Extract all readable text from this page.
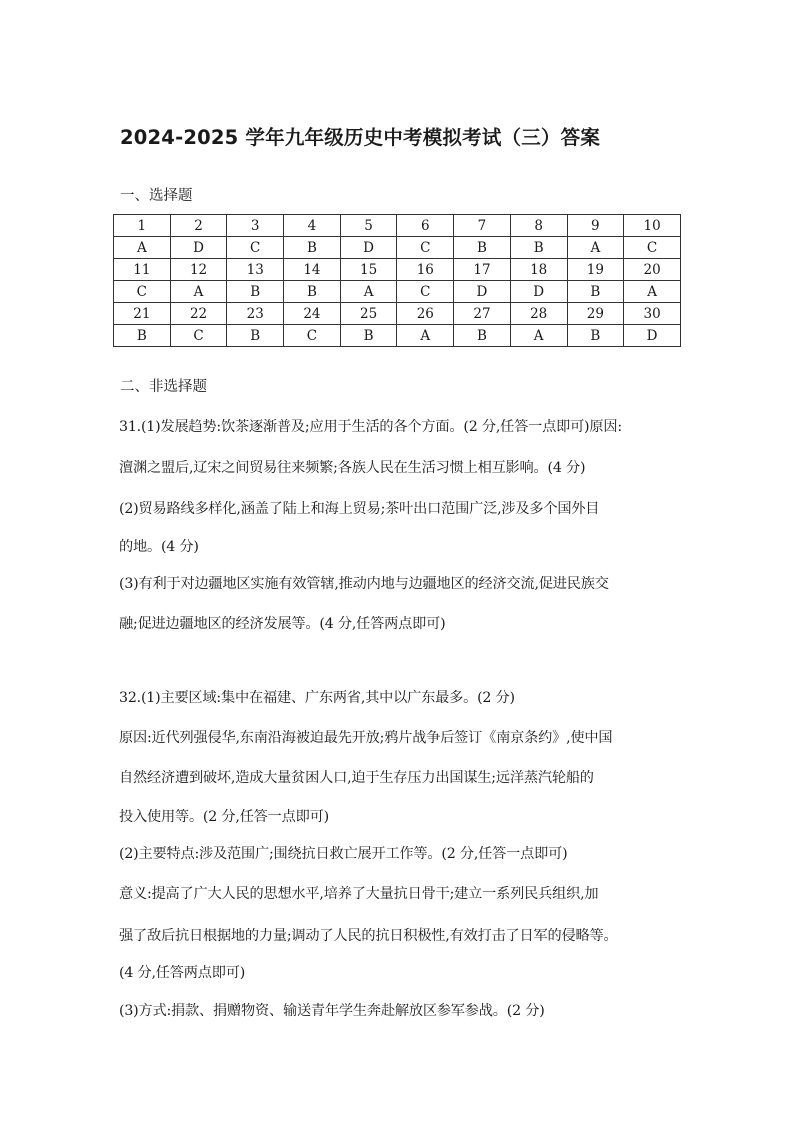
2024-2025 学年九年级历史中考模拟考试（三）答案
一、选择题
1	2	3	4	5	6	7	8	9	10
A	D	C	B	D	C	B	B	A	C
11	12	13	14	15	16	17	18	19	20
C	A	B	B	A	C	D	D	B	A
21	22	23	24	25	26	27	28	29	30
B	C	B	C	B	A	B	A	B	D
二、非选择题
31.(1)发展趋势:饮茶逐渐普及;应用于生活的各个方面。(2 分,任答一点即可)原因:
澶渊之盟后,辽宋之间贸易往来频繁;各族人民在生活习惯上相互影响。(4 分)
(2)贸易路线多样化,涵盖了陆上和海上贸易;茶叶出口范围广泛,涉及多个国外目
的地。(4 分)
(3)有利于对边疆地区实施有效管辖,推动内地与边疆地区的经济交流,促进民族交
融;促进边疆地区的经济发展等。(4 分,任答两点即可)
32.(1)主要区域:集中在福建、广东两省,其中以广东最多。(2 分)
原因:近代列强侵华,东南沿海被迫最先开放;鸦片战争后签订《南京条约》,使中国
自然经济遭到破坏,造成大量贫困人口,迫于生存压力出国谋生;远洋蒸汽轮船的
投入使用等。(2 分,任答一点即可)
(2)主要特点:涉及范围广;围绕抗日救亡展开工作等。(2 分,任答一点即可)
意义:提高了广大人民的思想水平,培养了大量抗日骨干;建立一系列民兵组织,加
强了敌后抗日根据地的力量;调动了人民的抗日积极性,有效打击了日军的侵略等。
(4 分,任答两点即可)
(3)方式:捐款、捐赠物资、输送青年学生奔赴解放区参军参战。(2 分)
